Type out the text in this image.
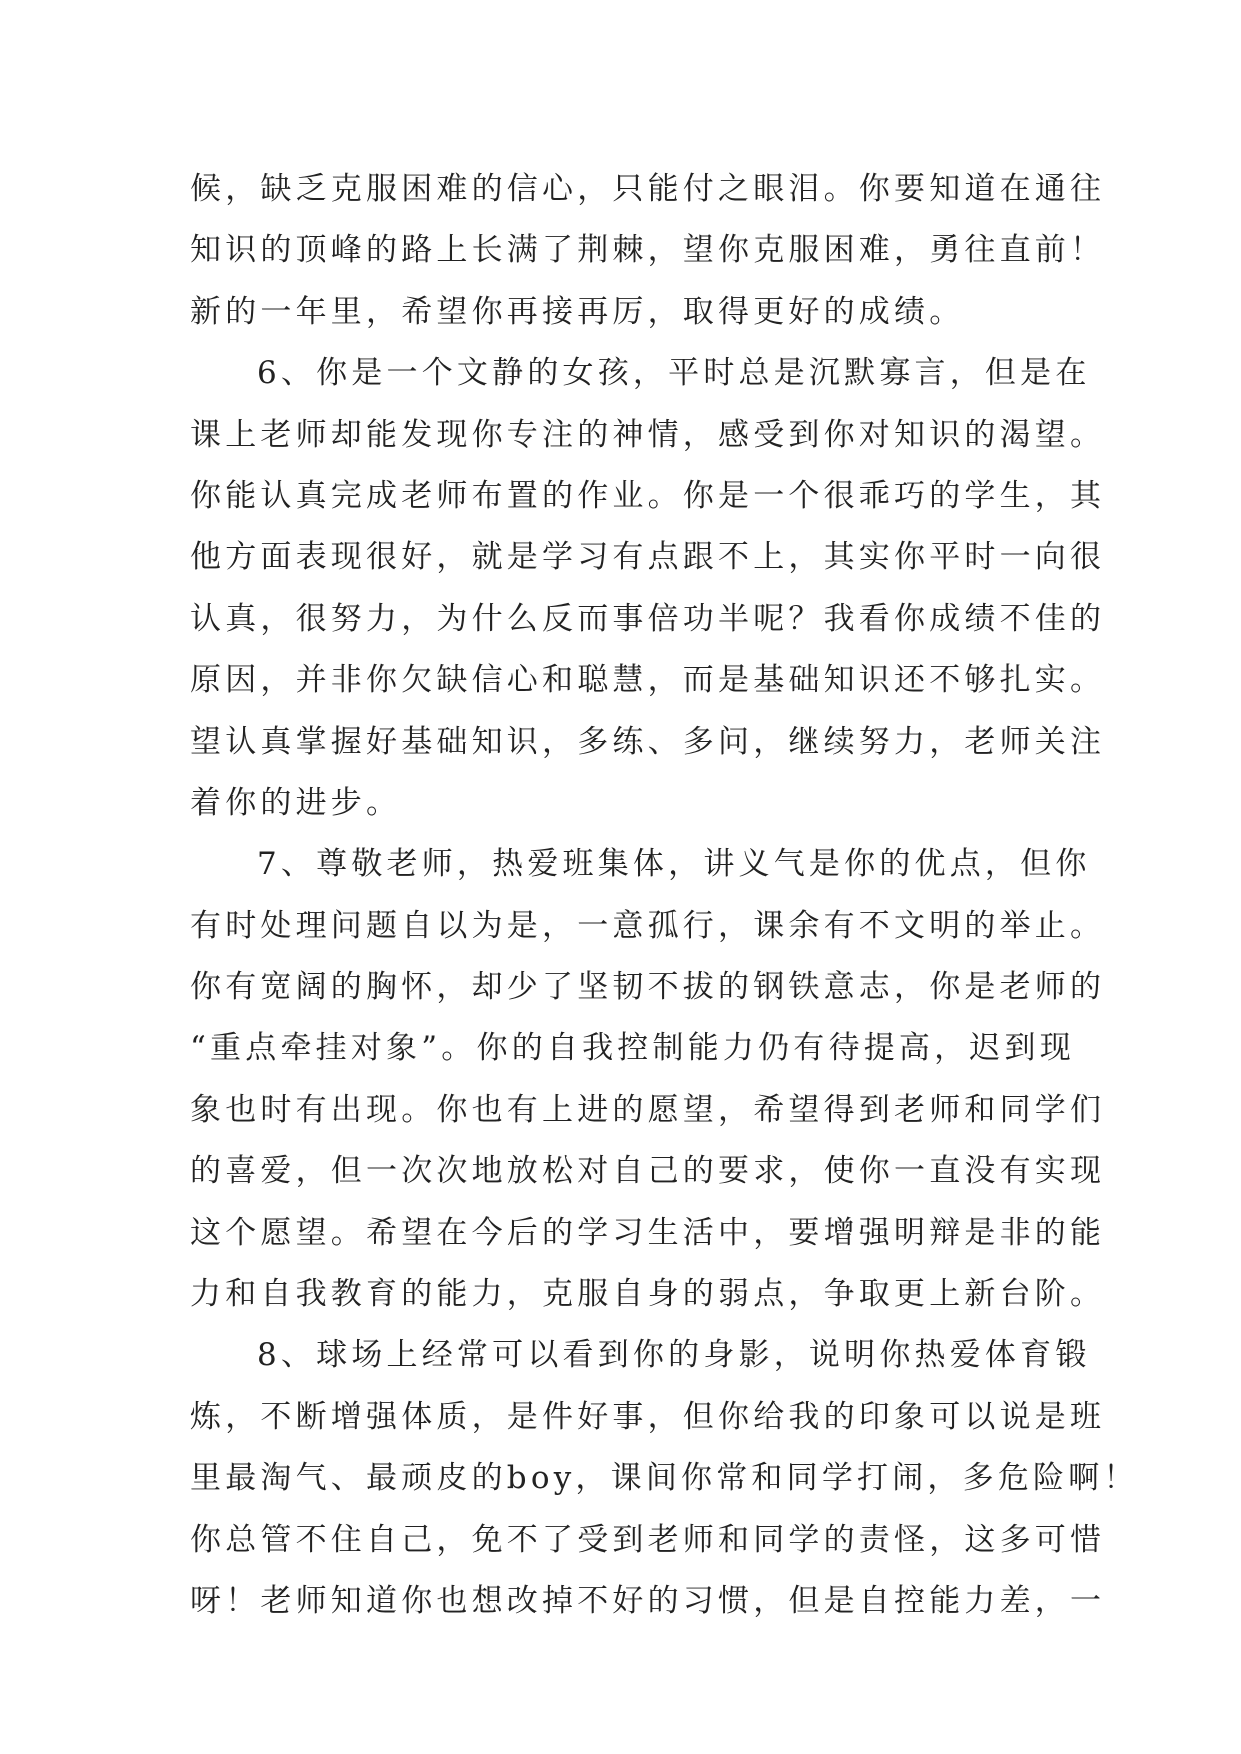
候，缺乏克服困难的信心，只能付之眼泪。你要知道在通往
知识的顶峰的路上长满了荆棘，望你克服困难，勇往直前！
新的一年里，希望你再接再厉，取得更好的成绩。
6、你是一个文静的女孩，平时总是沉默寡言，但是在
课上老师却能发现你专注的神情，感受到你对知识的渴望。
你能认真完成老师布置的作业。你是一个很乖巧的学生，其
他方面表现很好，就是学习有点跟不上，其实你平时一向很
认真，很努力，为什么反而事倍功半呢？我看你成绩不佳的
原因，并非你欠缺信心和聪慧，而是基础知识还不够扎实。
望认真掌握好基础知识，多练、多问，继续努力，老师关注
着你的进步。
7、尊敬老师，热爱班集体，讲义气是你的优点，但你
有时处理问题自以为是，一意孤行，课余有不文明的举止。
你有宽阔的胸怀，却少了坚韧不拔的钢铁意志，你是老师的
“重点牵挂对象”。你的自我控制能力仍有待提高，迟到现
象也时有出现。你也有上进的愿望，希望得到老师和同学们
的喜爱，但一次次地放松对自己的要求，使你一直没有实现
这个愿望。希望在今后的学习生活中，要增强明辩是非的能
力和自我教育的能力，克服自身的弱点，争取更上新台阶。
8、球场上经常可以看到你的身影，说明你热爱体育锻
炼，不断增强体质，是件好事，但你给我的印象可以说是班
里最淘气、最顽皮的boy，课间你常和同学打闹，多危险啊！
你总管不住自己，免不了受到老师和同学的责怪，这多可惜
呀！老师知道你也想改掉不好的习惯，但是自控能力差，一
